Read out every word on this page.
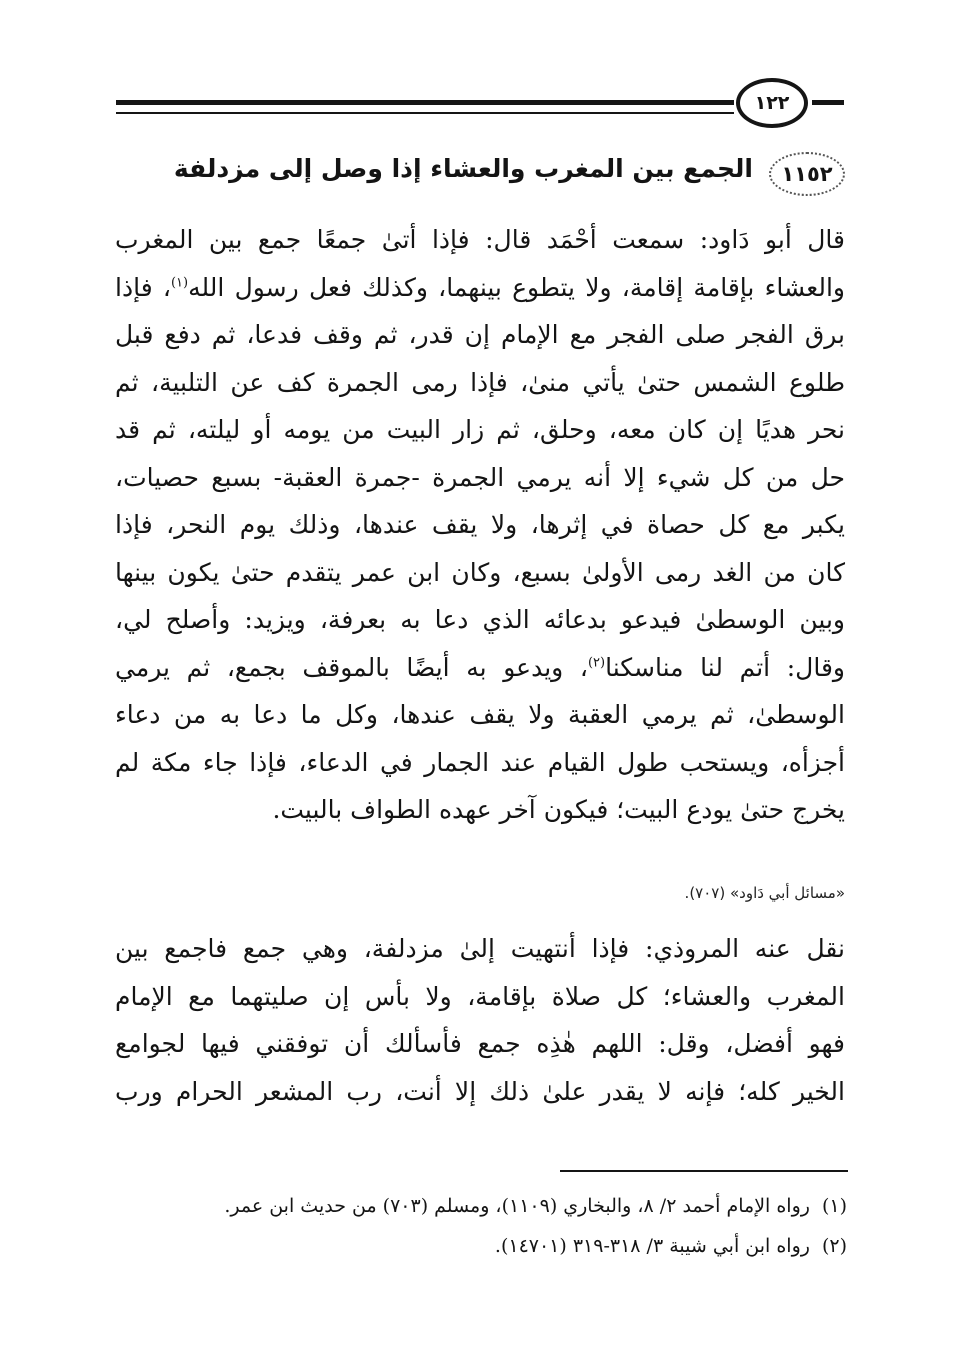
١٢٢
١١٥٢
الجمع بين المغرب والعشاء إذا وصل إلى مزدلفة
قال أبو دَاود: سمعت أحْمَد قال: فإذا أتىٰ جمعًا جمع بين المغرب
والعشاء بإقامة إقامة، ولا يتطوع بينهما، وكذلك فعل رسول الله$^{(١)}$، فإذا
برق الفجر صلى الفجر مع الإمام إن قدر، ثم وقف فدعا، ثم دفع قبل
طلوع الشمس حتىٰ يأتي منىٰ، فإذا رمى الجمرة كف عن التلبية، ثم
نحر هديًا إن كان معه، وحلق، ثم زار البيت من يومه أو ليلته، ثم قد
حل من كل شيء إلا أنه يرمي الجمرة -جمرة العقبة- بسبع حصيات،
يكبر مع كل حصاة في إثرها، ولا يقف عندها، وذلك يوم النحر، فإذا
كان من الغد رمى الأولىٰ بسبع، وكان ابن عمر يتقدم حتىٰ يكون بينها
وبين الوسطىٰ فيدعو بدعائه الذي دعا به بعرفة، ويزيد: وأصلح لي،
وقال: أتم لنا مناسكنا$^{(٢)}$، ويدعو به أيضًا بالموقف بجمع، ثم يرمي
الوسطىٰ، ثم يرمي العقبة ولا يقف عندها، وكل ما دعا به من دعاء
أجزأه، ويستحب طول القيام عند الجمار في الدعاء، فإذا جاء مكة لم
يخرج حتىٰ يودع البيت؛ فيكون آخر عهده الطواف بالبيت.
«مسائل أبي دَاود» (٧٠٧).
نقل عنه المروذي: فإذا أنتهيت إلىٰ مزدلفة، وهي جمع فاجمع بين
المغرب والعشاء؛ كل صلاة بإقامة، ولا بأس إن صليتهما مع الإمام
فهو أفضل، وقل: اللهم هٰذِه جمع فأسألك أن توفقني فيها لجوامع
الخير كله؛ فإنه لا يقدر علىٰ ذلك إلا أنت، رب المشعر الحرام ورب
(١)رواه الإمام أحمد ٢/ ٨، والبخاري (١١٠٩)، ومسلم (٧٠٣) من حديث ابن عمر.
(٢)رواه ابن أبي شيبة ٣/ ٣١٨-٣١٩ (١٤٧٠١).
